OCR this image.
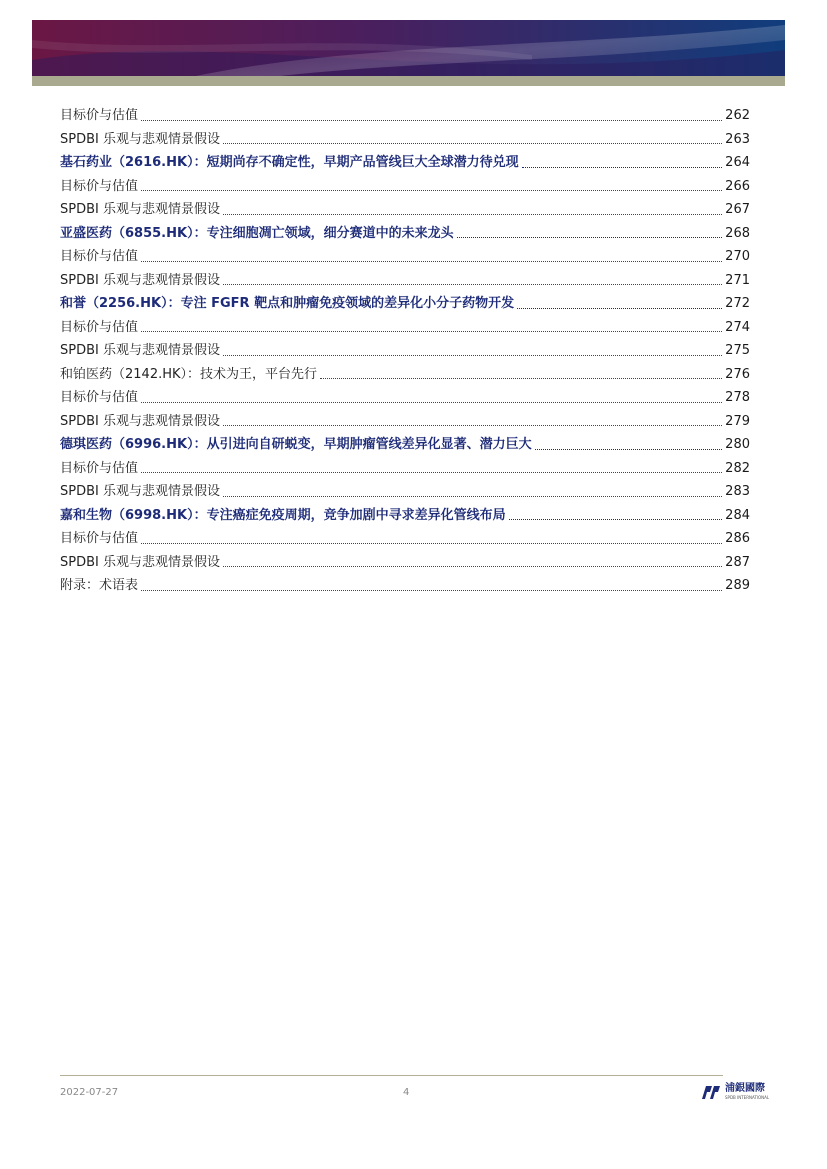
目标价与估值	262
SPDBI 乐观与悲观情景假设	263
基石药业（2616.HK）：短期尚存不确定性，早期产品管线巨大全球潜力待兑现	264
目标价与估值	266
SPDBI 乐观与悲观情景假设	267
亚盛医药（6855.HK）：专注细胞凋亡领域，细分赛道中的未来龙头	268
目标价与估值	270
SPDBI 乐观与悲观情景假设	271
和誉（2256.HK）：专注 FGFR 靶点和肿瘤免疫领域的差异化小分子药物开发	272
目标价与估值	274
SPDBI 乐观与悲观情景假设	275
和铂医药（2142.HK）：技术为王，平台先行	276
目标价与估值	278
SPDBI 乐观与悲观情景假设	279
德琪医药（6996.HK）：从引进向自研蜕变，早期肿瘤管线差异化显著、潜力巨大	280
目标价与估值	282
SPDBI 乐观与悲观情景假设	283
嘉和生物（6998.HK）：专注癌症免疫周期，竞争加剧中寻求差异化管线布局	284
目标价与估值	286
SPDBI 乐观与悲观情景假设	287
附录：术语表	289
2022-07-27	4	浦銀國際
SPDB INTERNATIONAL
